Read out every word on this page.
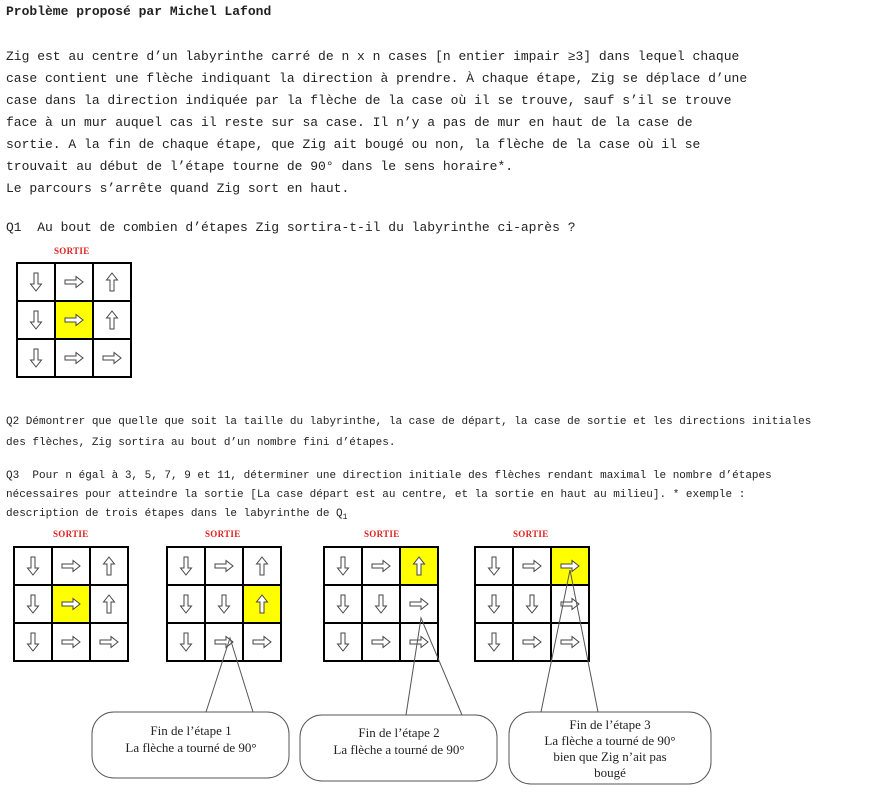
Problème proposé par Michel Lafond
Zig est au centre d’un labyrinthe carré de n x n cases [n entier impair ≥3] dans lequel chaque
case contient une flèche indiquant la direction à prendre. À chaque étape, Zig se déplace d’une
case dans la direction indiquée par la flèche de la case où il se trouve, sauf s’il se trouve
face à un mur auquel cas il reste sur sa case. Il n’y a pas de mur en haut de la case de
sortie. A la fin de chaque étape, que Zig ait bougé ou non, la flèche de la case où il se
trouvait au début de l’étape tourne de 90° dans le sens horaire*.
Le parcours s’arrête quand Zig sort en haut.
Q1  Au bout de combien d’étapes Zig sortira-t-il du labyrinthe ci-après ?
SORTIE
Q2 Démontrer que quelle que soit la taille du labyrinthe, la case de départ, la case de sortie et les directions initiales
des flèches, Zig sortira au bout d’un nombre fini d’étapes.
Q3  Pour n égal à 3, 5, 7, 9 et 11, déterminer une direction initiale des flèches rendant maximal le nombre d’étapes
nécessaires pour atteindre la sortie [La case départ est au centre, et la sortie en haut au milieu]. * exemple :
description de trois étapes dans le labyrinthe de $Q_1$
SORTIE	SORTIE	SORTIE	SORTIE
Fin de l’étape 1
La flèche a tourné de 90°
Fin de l’étape 2
La flèche a tourné de 90°
Fin de l’étape 3
La flèche a tourné de 90°
bien que Zig n’ait pas
bougé
